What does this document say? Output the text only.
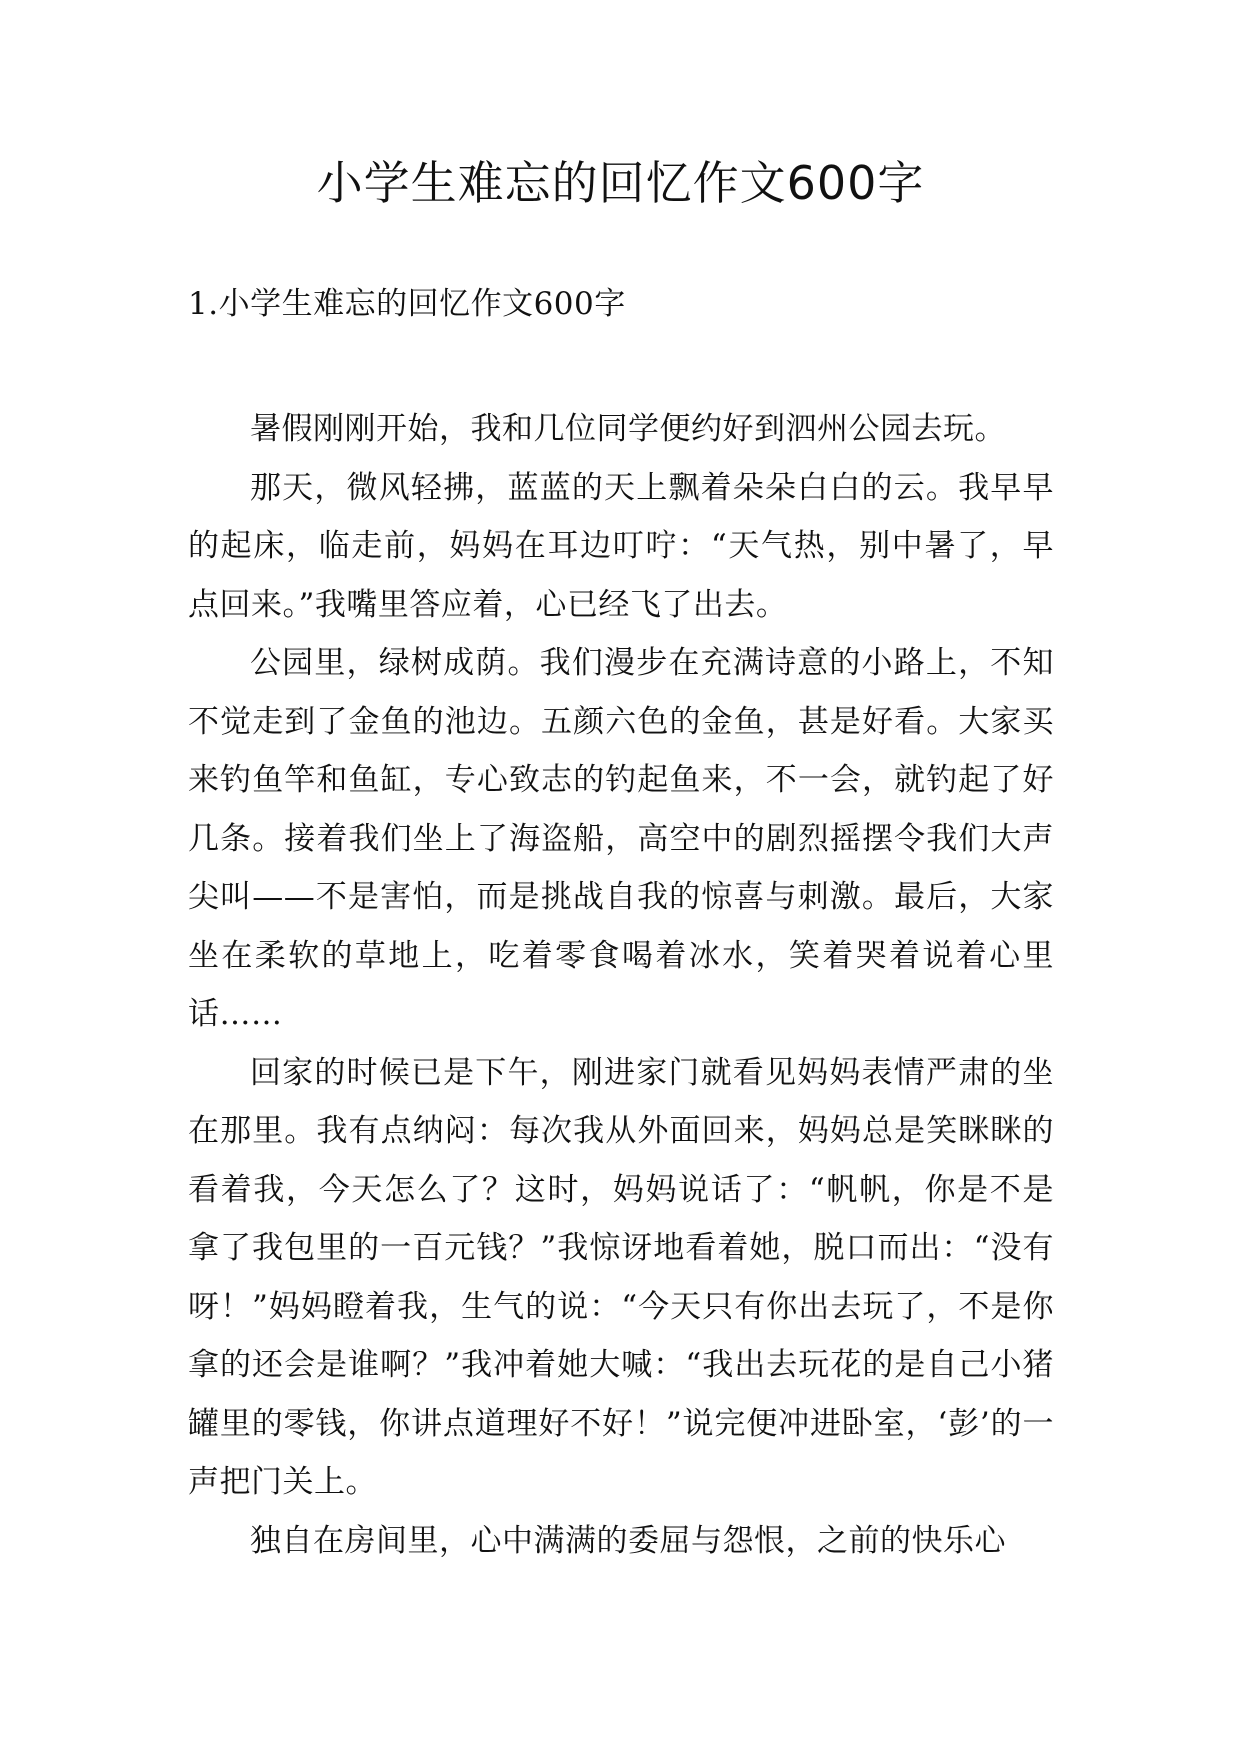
小学生难忘的回忆作文600字
1.小学生难忘的回忆作文600字

暑假刚刚开始，我和几位同学便约好到泗州公园去玩。

那天，微风轻拂，蓝蓝的天上飘着朵朵白白的云。我早早的起床，临走前，妈妈在耳边叮咛：“天气热，别中暑了，早点回来。”我嘴里答应着，心已经飞了出去。

公园里，绿树成荫。我们漫步在充满诗意的小路上，不知不觉走到了金鱼的池边。五颜六色的金鱼，甚是好看。大家买来钓鱼竿和鱼缸，专心致志的钓起鱼来，不一会，就钓起了好几条。接着我们坐上了海盗船，高空中的剧烈摇摆令我们大声尖叫——不是害怕，而是挑战自我的惊喜与刺激。最后，大家坐在柔软的草地上，吃着零食喝着冰水，笑着哭着说着心里话……

回家的时候已是下午，刚进家门就看见妈妈表情严肃的坐在那里。我有点纳闷：每次我从外面回来，妈妈总是笑眯眯的看着我，今天怎么了？这时，妈妈说话了：“帆帆，你是不是拿了我包里的一百元钱？”我惊讶地看着她，脱口而出：“没有呀！”妈妈瞪着我，生气的说：“今天只有你出去玩了，不是你拿的还会是谁啊？”我冲着她大喊：“我出去玩花的是自己小猪罐里的零钱，你讲点道理好不好！”说完便冲进卧室，‘彭’的一声把门关上。

独自在房间里，心中满满的委屈与怨恨，之前的快乐心
